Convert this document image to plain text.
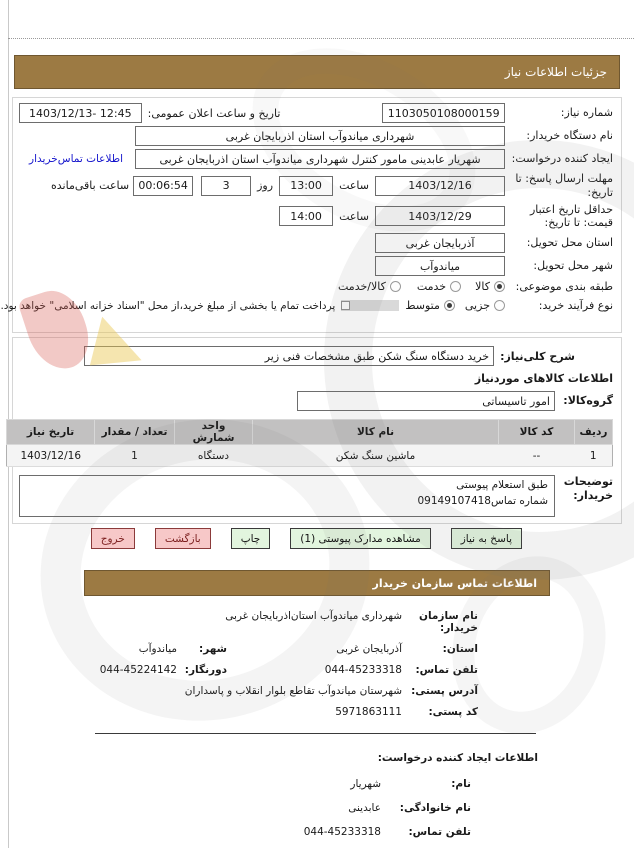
جزئیات اطلاعات نیاز
شماره نیاز:
1103050108000159
تاریخ و ساعت اعلان عمومی:
1403/12/13- 12:45
نام دستگاه خریدار:
شهرداری میاندوآب استان اذربایجان غربی
ایجاد کننده درخواست:
شهریار عابدینی مامور کنترل شهرداری میاندوآب استان اذربایجان غربی
اطلاعات تماس‌خریدار
مهلت ارسال پاسخ: تا تاریخ:
1403/12/16
ساعت
13:00
روز
3
00:06:54
ساعت باقی‌مانده
حداقل تاریخ اعتبار قیمت: تا تاریخ:
1403/12/29
ساعت
14:00
استان محل تحویل:
آذربایجان غربی
شهر محل تحویل:
میاندوآب
طبقه بندی موضوعی:
کالا
خدمت
کالا/خدمت
نوع فرآیند خرید:
جزیی
متوسط
پرداخت تمام یا بخشی از مبلغ خرید،از محل "اسناد خزانه اسلامی" خواهد بود.
شرح کلی‌نیاز:
خرید دستگاه سنگ شکن طبق مشخصات فنی زیر
اطلاعات کالاهای موردنیاز
گروه‌کالا:
امور تاسیساتی
ردیف	کد کالا	نام کالا	واحد شمارش	تعداد / مقدار	تاریخ نیاز
1	--	ماشین سنگ شکن	دستگاه	1	1403/12/16
توضیحات
خریدار:
طبق استعلام پیوستی
شماره تماس09149107418
پاسخ به نیاز
مشاهده مدارک پیوستی (1)
چاپ
بازگشت
خروج
اطلاعات تماس سازمان خریدار
نام سازمان خریدار:
شهرداری میاندوآب استان‌اذربایجان غربی
استان:
آذربایجان غربی
شهر:
میاندوآب
تلفن تماس:
044-45233318
دورنگار:
044-45224142
آدرس پستی:
شهرستان میاندوآب تقاطع بلوار انقلاب و پاسداران
کد پستی:
5971863111
اطلاعات ایجاد کننده درخواست:
نام:
شهریار
نام خانوادگی:
عابدینی
تلفن تماس:
044-45233318
